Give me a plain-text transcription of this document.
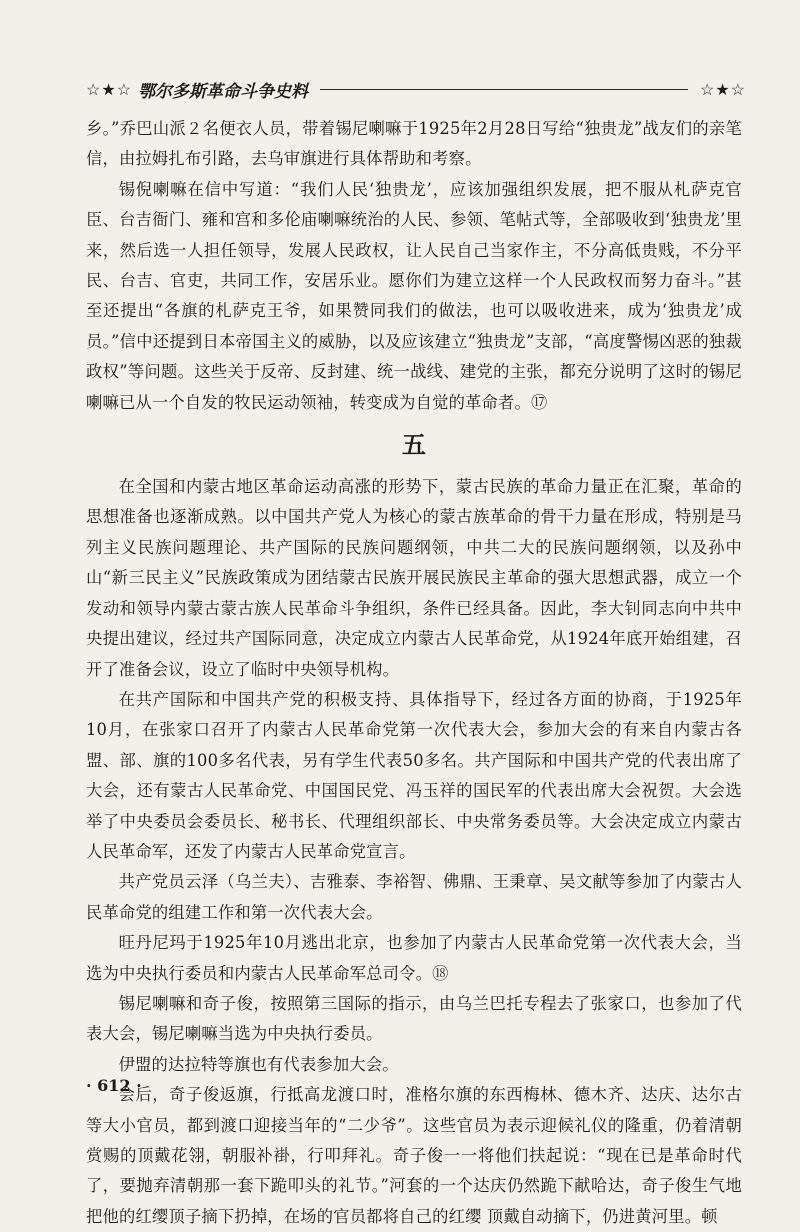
☆★☆ 鄂尔多斯革命斗争史料	☆★☆

乡。”乔巴山派２名便衣人员，带着锡尼喇嘛于1925年2月28日写给“独贵龙”战友们的亲笔信，由拉姆扎布引路，去乌审旗进行具体帮助和考察。

锡倪喇嘛在信中写道：“我们人民‘独贵龙’，应该加强组织发展，把不服从札萨克官臣、台吉衙门、雍和宫和多伦庙喇嘛统治的人民、参领、笔帖式等，全部吸收到‘独贵龙’里来，然后选一人担任领导，发展人民政权，让人民自己当家作主，不分高低贵贱，不分平民、台吉、官吏，共同工作，安居乐业。愿你们为建立这样一个人民政权而努力奋斗。”甚至还提出“各旗的札萨克王爷，如果赞同我们的做法，也可以吸收进来，成为‘独贵龙’成员。”信中还提到日本帝国主义的威胁，以及应该建立“独贵龙”支部，“高度警惕凶恶的独裁政权”等问题。这些关于反帝、反封建、统一战线、建党的主张，都充分说明了这时的锡尼喇嘛已从一个自发的牧民运动领袖，转变成为自觉的革命者。⑰

五

在全国和内蒙古地区革命运动高涨的形势下，蒙古民族的革命力量正在汇聚，革命的思想准备也逐渐成熟。以中国共产党人为核心的蒙古族革命的骨干力量在形成，特别是马列主义民族问题理论、共产国际的民族问题纲领，中共二大的民族问题纲领，以及孙中山“新三民主义”民族政策成为团结蒙古民族开展民族民主革命的强大思想武器，成立一个发动和领导内蒙古蒙古族人民革命斗争组织，条件已经具备。因此，李大钊同志向中共中央提出建议，经过共产国际同意，决定成立内蒙古人民革命党，从1924年底开始组建，召开了准备会议，设立了临时中央领导机构。

在共产国际和中国共产党的积极支持、具体指导下，经过各方面的协商，于1925年10月，在张家口召开了内蒙古人民革命党第一次代表大会，参加大会的有来自内蒙古各盟、部、旗的100多名代表，另有学生代表50多名。共产国际和中国共产党的代表出席了大会，还有蒙古人民革命党、中国国民党、冯玉祥的国民军的代表出席大会祝贺。大会选举了中央委员会委员长、秘书长、代理组织部长、中央常务委员等。大会决定成立内蒙古人民革命军，还发了内蒙古人民革命党宣言。

共产党员云泽（乌兰夫）、吉雅泰、李裕智、佛鼎、王秉章、吴文献等参加了内蒙古人民革命党的组建工作和第一次代表大会。

旺丹尼玛于1925年10月逃出北京，也参加了内蒙古人民革命党第一次代表大会，当选为中央执行委员和内蒙古人民革命军总司令。⑱

锡尼喇嘛和奇子俊，按照第三国际的指示，由乌兰巴托专程去了张家口，也参加了代表大会，锡尼喇嘛当选为中央执行委员。

伊盟的达拉特等旗也有代表参加大会。

会后，奇子俊返旗，行抵高龙渡口时，准格尔旗的东西梅林、德木齐、达庆、达尔古等大小官员，都到渡口迎接当年的“二少爷”。这些官员为表示迎候礼仪的隆重，仍着清朝赏赐的顶戴花翎，朝服补褂，行叩拜礼。奇子俊一一将他们扶起说：“现在已是革命时代了，要抛弃清朝那一套下跪叩头的礼节。”河套的一个达庆仍然跪下献哈达，奇子俊生气地把他的红缨顶子摘下扔掉，在场的官员都将自己的红缨 顶戴自动摘下，仍进黄河里。顿

· 612 ·
